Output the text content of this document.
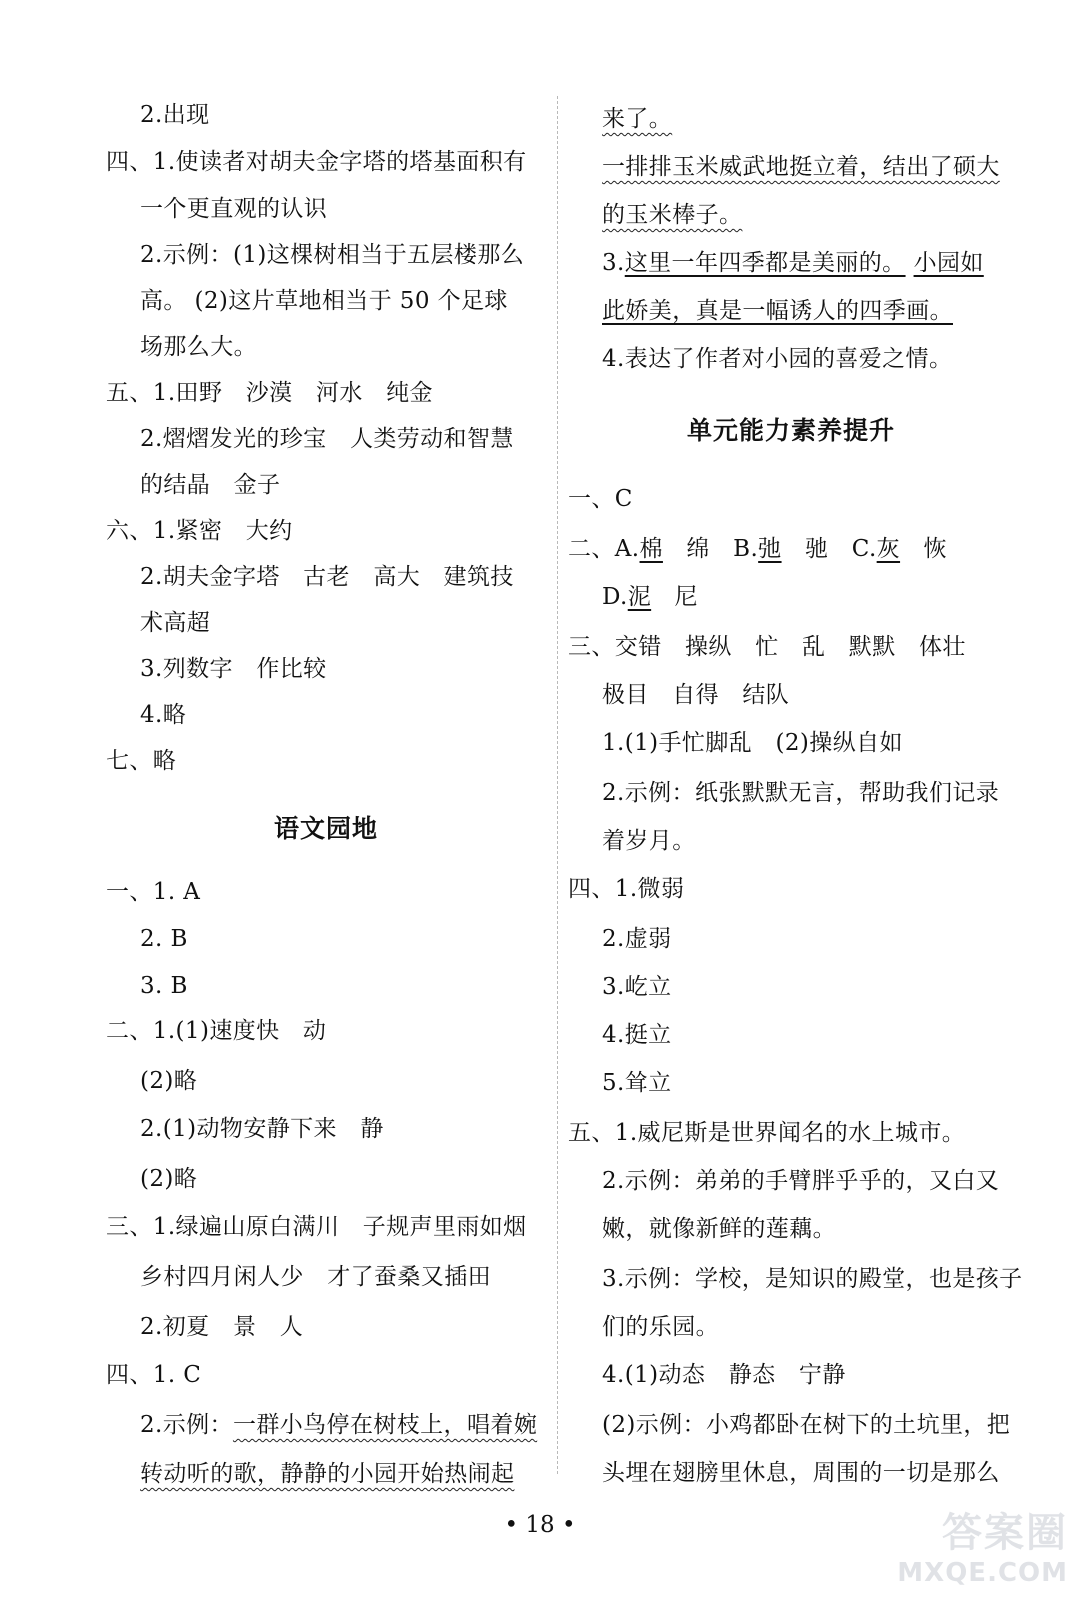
2.出现
四、1.使读者对胡夫金字塔的塔基面积有
一个更直观的认识
2.示例：(1)这棵树相当于五层楼那么
高。 (2)这片草地相当于 50 个足球
场那么大。
五、1.田野　沙漠　河水　纯金
2.熠熠发光的珍宝　人类劳动和智慧
的结晶　金子
六、1.紧密　大约
2.胡夫金字塔　古老　高大　建筑技
术高超
3.列数字　作比较
4.略
七、略
语文园地
一、1. A
2. B
3. B
二、1.(1)速度快　动
(2)略
2.(1)动物安静下来　静
(2)略
三、1.绿遍山原白满川　子规声里雨如烟
乡村四月闲人少　才了蚕桑又插田
2.初夏　景　人
四、1. C
2.示例：一群小鸟停在树枝上，唱着婉
转动听的歌，静静的小园开始热闹起
来了。
一排排玉米威武地挺立着，结出了硕大
的玉米棒子。
3.这里一年四季都是美丽的。 小园如
此娇美，真是一幅诱人的四季画。
4.表达了作者对小园的喜爱之情。
单元能力素养提升
一、C
二、A.棉　绵　B.弛　驰　C.灰　恢
D.泥　尼
三、交错　操纵　忙　乱　默默　体壮
极目　自得　结队
1.(1)手忙脚乱　(2)操纵自如
2.示例：纸张默默无言，帮助我们记录
着岁月。
四、1.微弱
2.虚弱
3.屹立
4.挺立
5.耸立
五、1.威尼斯是世界闻名的水上城市。
2.示例：弟弟的手臂胖乎乎的，又白又
嫩，就像新鲜的莲藕。
3.示例：学校，是知识的殿堂，也是孩子
们的乐园。
4.(1)动态　静态　宁静
(2)示例：小鸡都卧在树下的土坑里，把
头埋在翅膀里休息，周围的一切是那么
• 18 •	答案圈
MXQE.COM
